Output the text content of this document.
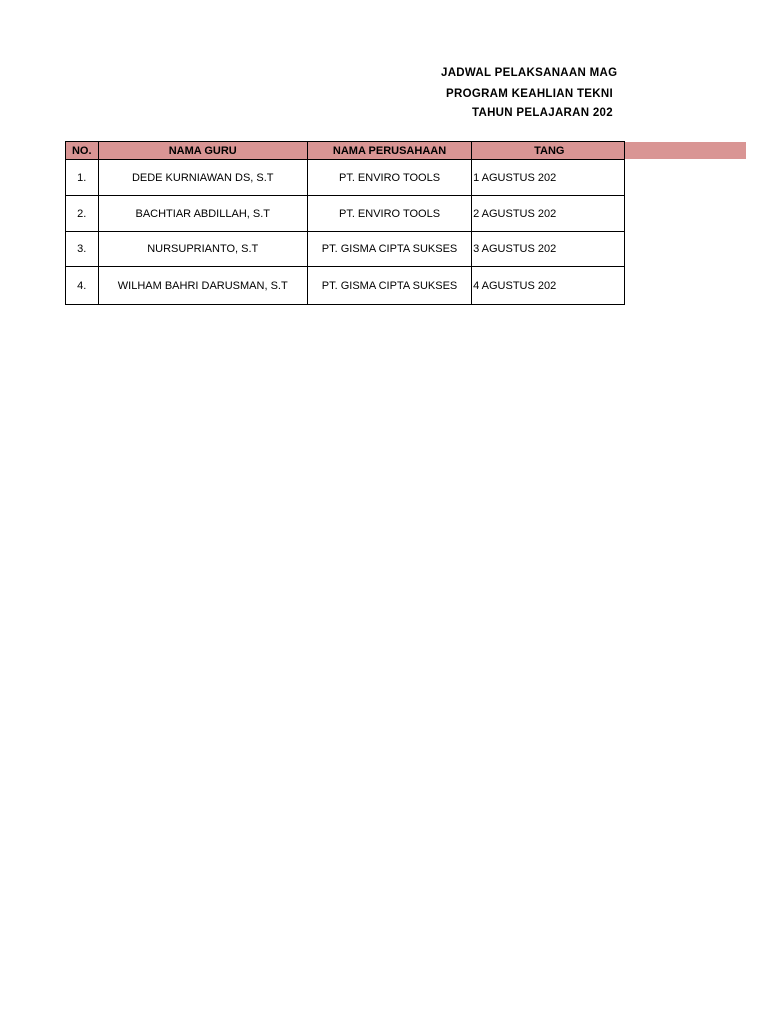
JADWAL PELAKSANAAN MAG
PROGRAM KEAHLIAN TEKNI
TAHUN PELAJARAN 202
NO.	NAMA GURU	NAMA PERUSAHAAN	TANG
1.	DEDE KURNIAWAN DS, S.T	PT. ENVIRO TOOLS	1 AGUSTUS 202
2.	BACHTIAR ABDILLAH, S.T	PT. ENVIRO TOOLS	2 AGUSTUS 202
3.	NURSUPRIANTO, S.T	PT. GISMA CIPTA SUKSES	3 AGUSTUS 202
4.	WILHAM BAHRI DARUSMAN, S.T	PT. GISMA CIPTA SUKSES	4 AGUSTUS 202
